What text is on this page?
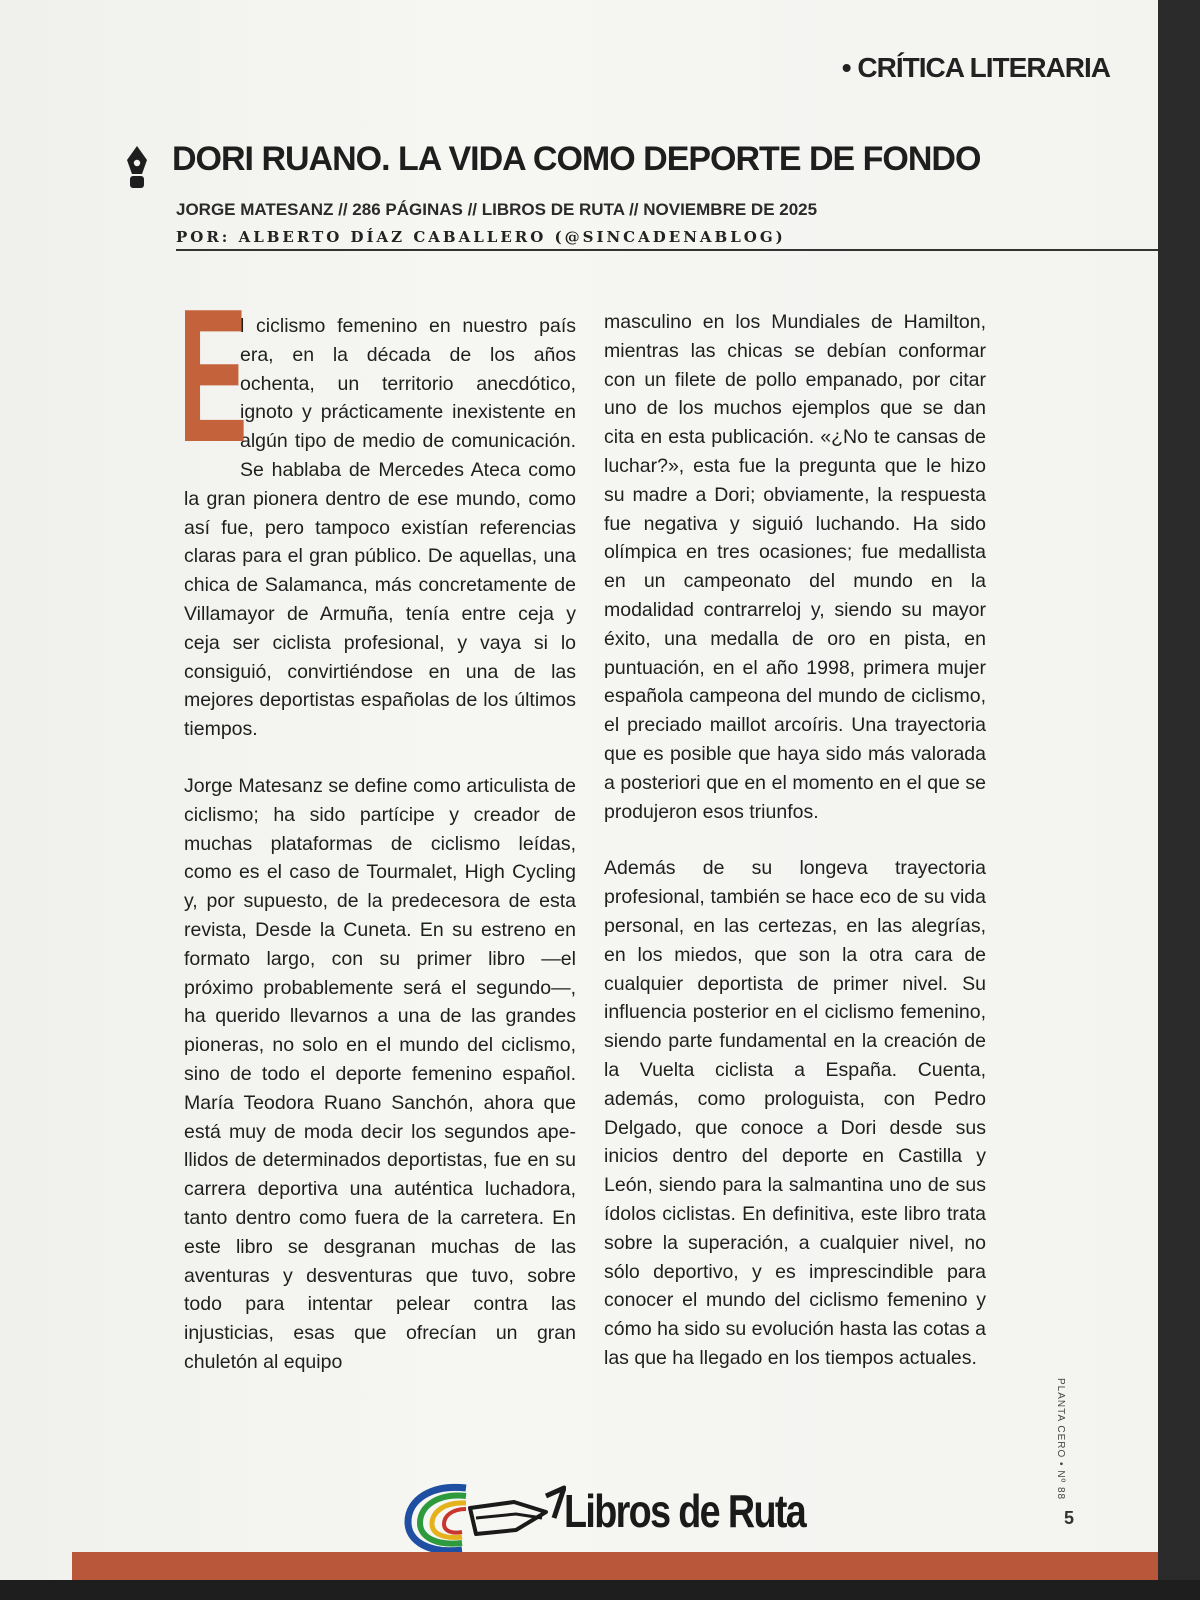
• CRÍTICA LITERARIA
DORI RUANO. LA VIDA COMO DEPORTE DE FONDO
JORGE MATESANZ // 286 PÁGINAS // LIBROS DE RUTA // NOVIEMBRE DE 2025
POR: ALBERTO DÍAZ CABALLERO (@SINCADENABLOG)

E
l ciclismo femenino en nuestro país era, en la década de los años ochenta, un territorio anecdótico, ignoto y prácticamente inexistente en algún tipo de medio de comunicación. Se hablaba de Mercedes Ateca como la gran pionera dentro de ese mundo, como así fue, pero tampoco existían referencias claras para el gran público. De aquellas, una chica de Salamanca, más concretamente de Villamayor de Armuña, tenía entre ceja y ceja ser ciclista profesional, y vaya si lo consiguió, convirtiéndose en una de las mejores deportistas españolas de los últimos tiempos.

Jorge Matesanz se define como articulista de ciclismo; ha sido partícipe y creador de muchas plataformas de ciclismo leídas, como es el caso de Tourmalet, High Cycling y, por supuesto, de la predecesora de esta revista, Desde la Cuneta. En su estreno en formato largo, con su primer libro —el próximo probablemente será el segundo—, ha querido llevarnos a una de las grandes pioneras, no solo en el mundo del ciclismo, sino de todo el deporte femenino español. María Teodora Ruano Sanchón, ahora que está muy de moda decir los segundos apellidos de determinados deportistas, fue en su carrera deportiva una auténtica luchadora, tanto dentro como fuera de la carretera. En este libro se desgranan muchas de las aventuras y desventuras que tuvo, sobre todo para intentar pelear contra las injusticias, esas que ofrecían un gran chuletón al equipo

masculino en los Mundiales de Hamilton, mientras las chicas se debían conformar con un filete de pollo empanado, por citar uno de los muchos ejemplos que se dan cita en esta publicación. «¿No te cansas de luchar?», esta fue la pregunta que le hizo su madre a Dori; obviamente, la respuesta fue negativa y siguió luchando. Ha sido olímpica en tres ocasiones; fue medallista en un campeonato del mundo en la modalidad contrarreloj y, siendo su mayor éxito, una medalla de oro en pista, en puntuación, en el año 1998, primera mujer española campeona del mundo de ciclismo, el preciado maillot arcoíris. Una trayectoria que es posible que haya sido más valorada a posteriori que en el momento en el que se produjeron esos triunfos.

Además de su longeva trayectoria profesional, también se hace eco de su vida personal, en las certezas, en las alegrías, en los miedos, que son la otra cara de cualquier deportista de primer nivel. Su influencia posterior en el ciclismo femenino, siendo parte fundamental en la creación de la Vuelta ciclista a España. Cuenta, además, como prologuista, con Pedro Delgado, que conoce a Dori desde sus inicios dentro del deporte en Castilla y León, siendo para la salmantina uno de sus ídolos ciclistas. En definitiva, este libro trata sobre la superación, a cualquier nivel, no sólo deportivo, y es imprescindible para conocer el mundo del ciclismo femenino y cómo ha sido su evolución hasta las cotas a las que ha llegado en los tiempos actuales.

Libros de Ruta
PLANTA CERO • Nº 88
5
